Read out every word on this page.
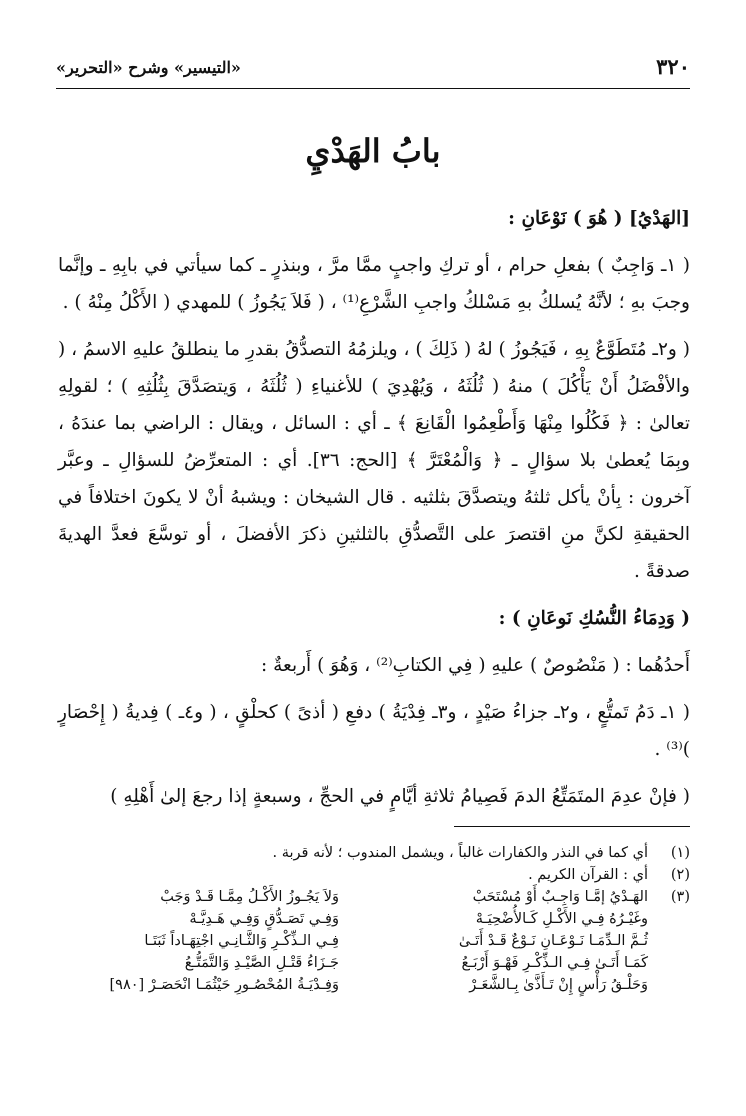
٣٢٠
«التيسير» وشرح «التحرير»
بابُ الهَدْيِ

[الهَدْيُ] ( هُوَ ) نَوْعَانِ :

( ١ـ وَاجِبٌ ) بفعلِ حرام ، أو تركِ واجبٍ ممَّا مرَّ ، وبنذرٍ ـ كما سيأتي في بابِهِ ـ وإنَّما وجبَ بهِ ؛ لأنَّهُ يُسلكُ بهِ مَسْلكُ واجبِ الشَّرْعِ⁽¹⁾ ، ( فَلاَ يَجُوزُ ) للمهدي ( الأَكْلُ مِنْهُ ) .

( و٢ـ مُتَطَوَّعٌ بِهِ ، فَيَجُوزُ ) لهُ ( ذَلِكَ ) ، ويلزمُهُ التصدُّقُ بقدرِ ما ينطلقُ عليهِ الاسمُ ، ( والأفْضَلُ أَنْ يَأْكُلَ ) منهُ ( ثُلُثَهُ ، وَيُهْدِيَ ) للأغنياءِ ( ثُلُثَهُ ، وَيتصَدَّقَ بِثُلُثِهِ ) ؛ لقولِهِ تعالىٰ : ﴿ فَكُلُوا مِنْهَا وَأَطْعِمُوا الْقَانِعَ ﴾ ـ أي : السائل ، ويقال : الراضي بما عندَهُ ، وبِمَا يُعطىٰ بلا سؤالٍ ـ ﴿ وَالْمُعْتَرَّ ﴾ [الحج: ٣٦]. أي : المتعرِّضُ للسؤالِ ـ وعبَّر آخرون : بِأنْ يأكل ثلثهُ ويتصدَّقَ بثلثيه . قال الشيخان : ويشبهُ أنْ لا يكونَ اختلافاً في الحقيقةِ لكنَّ منِ اقتصرَ على التَّصدُّقِ بالثلثينِ ذكرَ الأفضلَ ، أو توسَّعَ فعدَّ الهديةَ صدقةً .

( وَدِمَاءُ النُّسُكِ نَوعَانِ ) :

أَحدُهُما : ( مَنْصُوصٌ ) عليهِ ( فِي الكتابِ⁽²⁾ ، وَهُوَ ) أَربعةٌ :

( ١ـ دَمُ تَمتُّعٍ ، و٢ـ جزاءُ صَيْدٍ ، و٣ـ فِدْيَةُ ) دفعِ ( أذىً ) كحلْقٍ ، ( و٤ـ ) فِديةُ ( إِحْصَارٍ )⁽³⁾ .

( فإنْ عدِمَ المتَمَتِّعُ الدمَ فَصِيامُ ثلاثةِ أيَّامٍ في الحجِّ ، وسبعةٍ إذا رجعَ إلىٰ أَهْلِهِ )

(١)
أي كما في النذر والكفارات غالباً ، ويشمل المندوب ؛ لأنه قربة .
(٢)
أي : القرآن الكريم .
(٣)
الهَـدْيُ إمَّـا وَاجِـبٌ أَوْ مُسْتَحَبْ
وَلاَ يَجُـوزُ الأَكْـلُ مِمَّـا قَـدْ وَجَبْ
وغَيْـرُهُ فِـي الأَكْـلِ كَـالأُضْحِيَـهْ
وَفِـي تَصَـدُّقٍ وَفِـي هَـدِيَّـهْ
ثُـمَّ الـدِّمَـا نَـوْعَـانِ نَـوْعٌ قَـدْ أَتَـىٰ
فِـي الـذِّكْـرِ وَالثَّـانِـي اجْتِهَـاداً ثَبَتَـا
كَمَـا أَتَـىٰ فِـي الـذِّكْـرِ فَهْـوَ أَرْبَـعُ
جَـزَاءُ قَتْـلِ الصَّيْـدِ وَالتَّمَتُّـعُ
وَحَلْـقُ رَأْسٍ إِنْ تَـأَذَّىٰ بِـالشَّعَـرْ
وَفِـدْيَـةُ المُحْصُـورِ حَيْثُمَـا انْحَصَـرْ [٩٨٠]
